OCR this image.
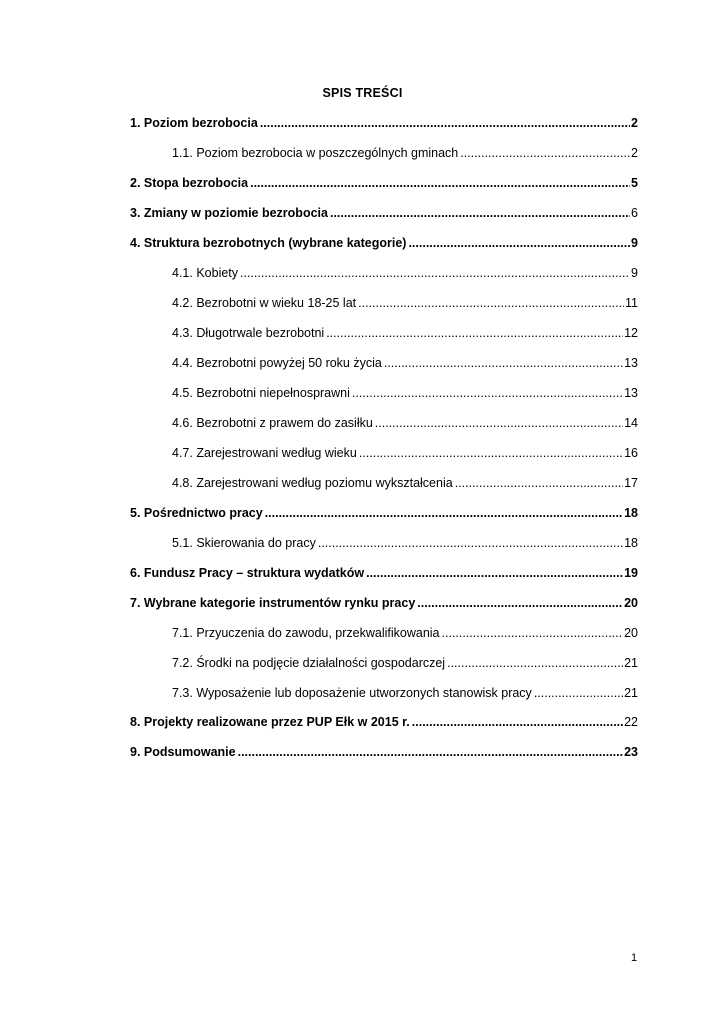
SPIS TREŚCI
1. Poziom bezrobocia .....	2
1.1. Poziom bezrobocia w poszczególnych gminach .....	2
2. Stopa bezrobocia .....	5
3. Zmiany w poziomie bezrobocia .....	6
4. Struktura bezrobotnych (wybrane kategorie) .....	9
4.1. Kobiety .....	9
4.2. Bezrobotni w wieku 18-25 lat .....	11
4.3. Długotrwale bezrobotni .....	12
4.4. Bezrobotni powyżej 50 roku życia .....	13
4.5. Bezrobotni niepełnosprawni .....	13
4.6. Bezrobotni z prawem do zasiłku .....	14
4.7. Zarejestrowani według wieku .....	16
4.8. Zarejestrowani według poziomu wykształcenia .....	17
5. Pośrednictwo pracy .....	18
5.1. Skierowania do pracy .....	18
6. Fundusz Pracy – struktura wydatków .....	19
7. Wybrane kategorie instrumentów rynku pracy .....	20
7.1. Przyuczenia do zawodu, przekwalifikowania .....	20
7.2. Środki na podjęcie działalności gospodarczej .....	21
7.3. Wyposażenie lub doposażenie utworzonych stanowisk pracy .....	21
8. Projekty realizowane przez PUP Ełk w 2015 r. .....	22
9. Podsumowanie .....	23
1
